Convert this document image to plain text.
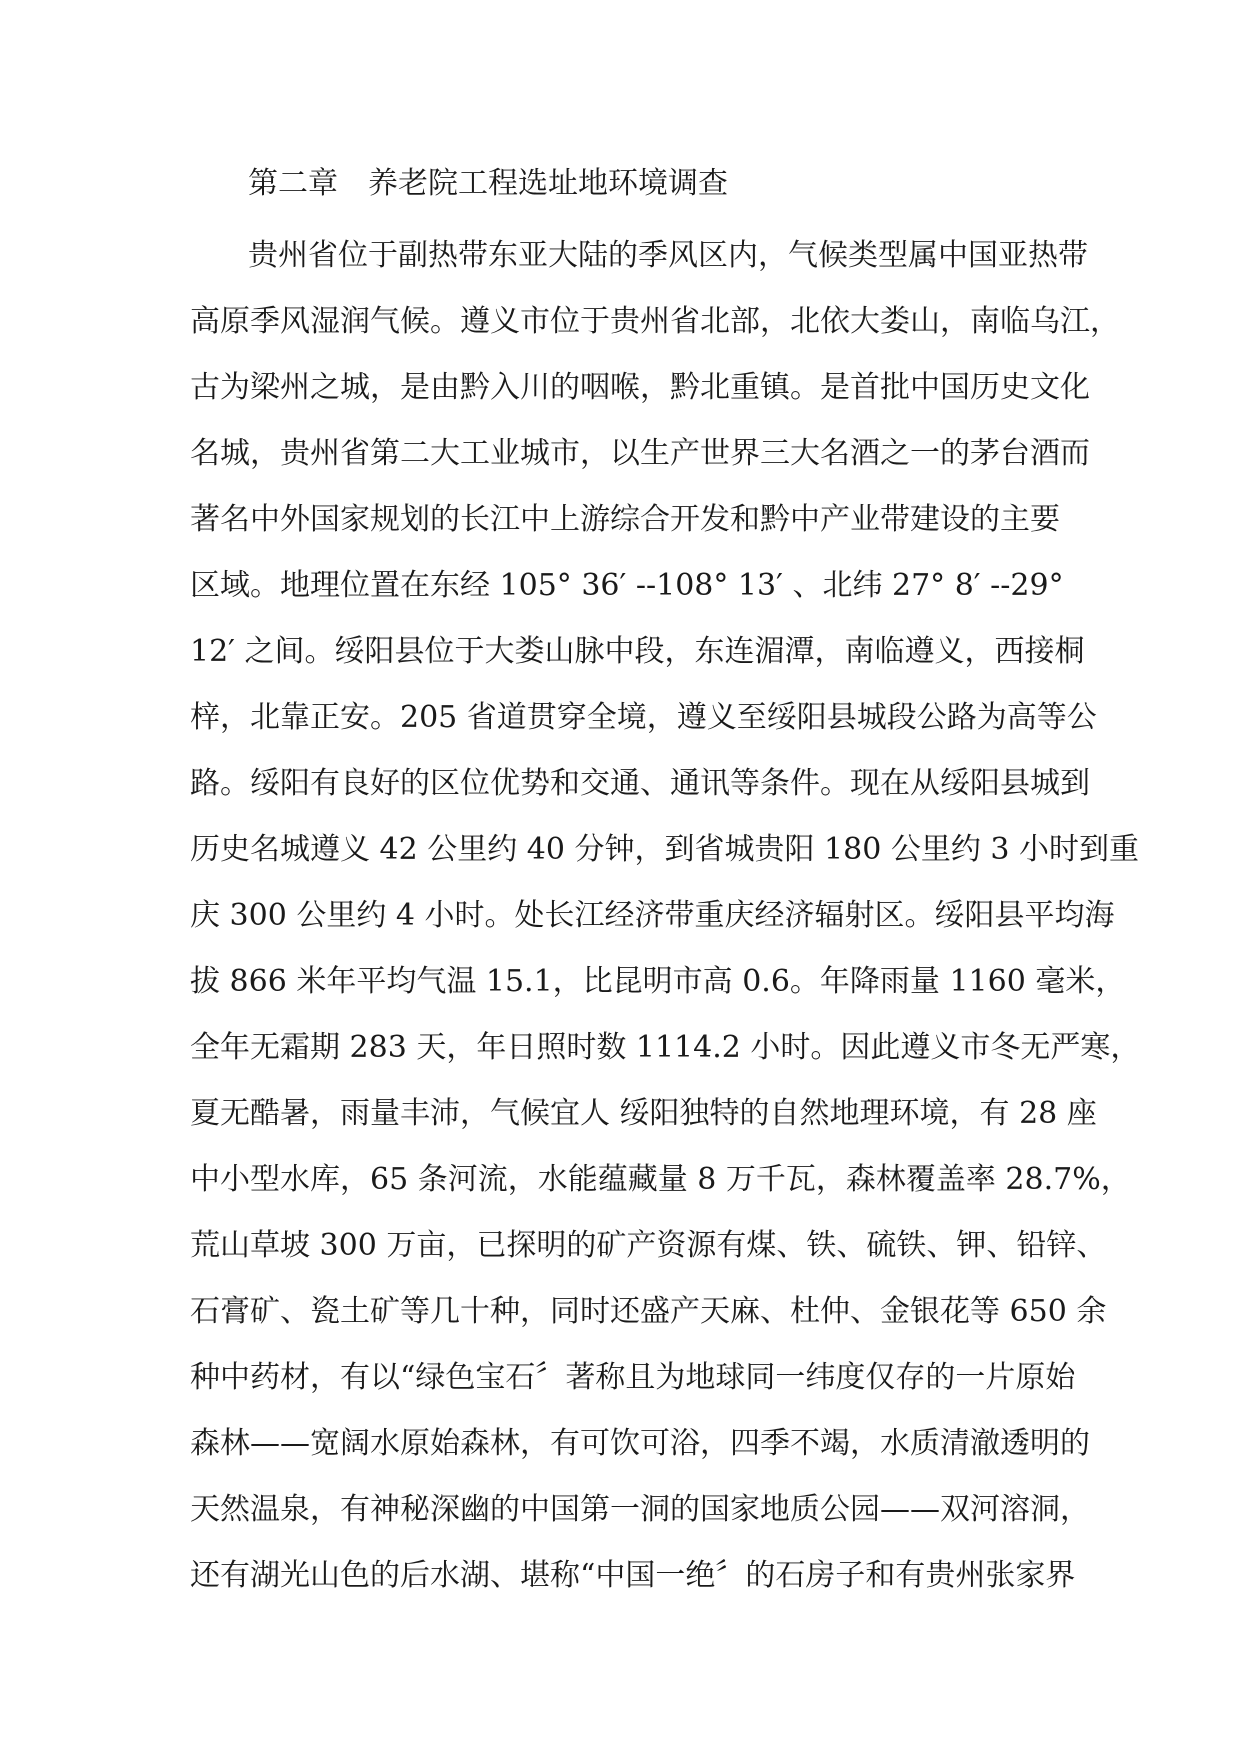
第二章　养老院工程选址地环境调查

贵州省位于副热带东亚大陆的季风区内，气候类型属中国亚热带

高原季风湿润气候。遵义市位于贵州省北部，北依大娄山，南临乌江，

古为梁州之城，是由黔入川的咽喉，黔北重镇。是首批中国历史文化

名城，贵州省第二大工业城市，以生产世界三大名酒之一的茅台酒而

著名中外国家规划的长江中上游综合开发和黔中产业带建设的主要

区域。地理位置在东经 105° 36′ --108° 13′ 、北纬 27° 8′ --29°

12′ 之间。绥阳县位于大娄山脉中段，东连湄潭，南临遵义，西接桐

梓，北靠正安。205 省道贯穿全境，遵义至绥阳县城段公路为高等公

路。绥阳有良好的区位优势和交通、通讯等条件。现在从绥阳县城到

历史名城遵义 42 公里约 40 分钟，到省城贵阳 180 公里约 3 小时到重

庆 300 公里约 4 小时。处长江经济带重庆经济辐射区。绥阳县平均海

拔 866 米年平均气温 15.1，比昆明市高 0.6。年降雨量 1160 毫米，

全年无霜期 283 天，年日照时数 1114.2 小时。因此遵义市冬无严寒，

夏无酷暑，雨量丰沛，气候宜人 绥阳独特的自然地理环境，有 28 座

中小型水库，65 条河流，水能蕴藏量 8 万千瓦，森林覆盖率 28.7%，

荒山草坡 300 万亩，已探明的矿产资源有煤、铁、硫铁、钾、铅锌、

石膏矿、瓷土矿等几十种，同时还盛产天麻、杜仲、金银花等 650 余

种中药材，有以“绿色宝石〞著称且为地球同一纬度仅存的一片原始

森林——宽阔水原始森林，有可饮可浴，四季不竭，水质清澈透明的

天然温泉，有神秘深幽的中国第一洞的国家地质公园——双河溶洞，

还有湖光山色的后水湖、堪称“中国一绝〞的石房子和有贵州张家界
